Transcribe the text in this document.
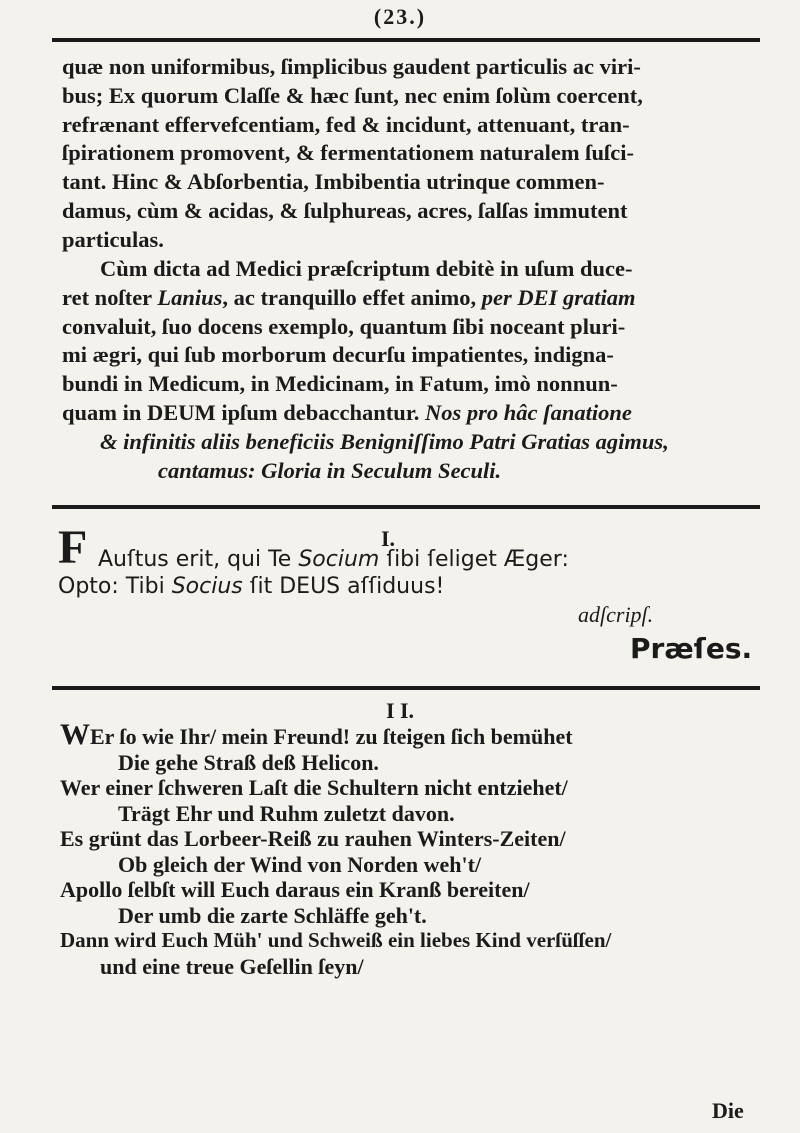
(23.)
quæ non uniformibus, ſimplicibus gaudent particulis ac viri-
bus; Ex quorum Claſſe & hæc ſunt, nec enim ſolùm coercent,
refrænant effervefcentiam, fed & incidunt, attenuant, tran-
ſpirationem promovent, & fermentationem naturalem ſuſci-
tant. Hinc & Abſorbentia, Imbibentia utrinque commen-
damus, cùm & acidas, & ſulphureas, acres, ſalſas immutent
particulas.
Cùm dicta ad Medici præſcriptum debitè in uſum duce-
ret noſter Lanius, ac tranquillo effet animo, per DEI gratiam
convaluit, ſuo docens exemplo, quantum ſibi noceant pluri-
mi ægri, qui ſub morborum decurſu impatientes, indigna-
bundi in Medicum, in Medicinam, in Fatum, imò nonnun-
quam in DEUM ipſum debacchantur. Nos pro hâc ſanatione
& infinitis aliis beneficiis Benigniſſimo Patri Gratias agimus,
cantamus: Gloria in Seculum Seculi.
I.
F Auſtus erit, qui Te Socium ſibi ſeliget Æger:
Opto: Tibi Socius ſit DEUS aſſiduus!
adſcripſ.
Præſes.
I I.
WEr ſo wie Ihr/ mein Freund! zu ſteigen ſich bemühet
Die gehe Straß deß Helicon.
Wer einer ſchweren Laſt die Schultern nicht entziehet/
Trägt Ehr und Ruhm zuletzt davon.
Es grünt das Lorbeer-Reiß zu rauhen Winters-Zeiten/
Ob gleich der Wind von Norden weh't/
Apollo ſelbſt will Euch daraus ein Kranß bereiten/
Der umb die zarte Schläffe geh't.
Dann wird Euch Müh' und Schweiß ein liebes Kind verſüſſen/
und eine treue Geſellin ſeyn/
Die
